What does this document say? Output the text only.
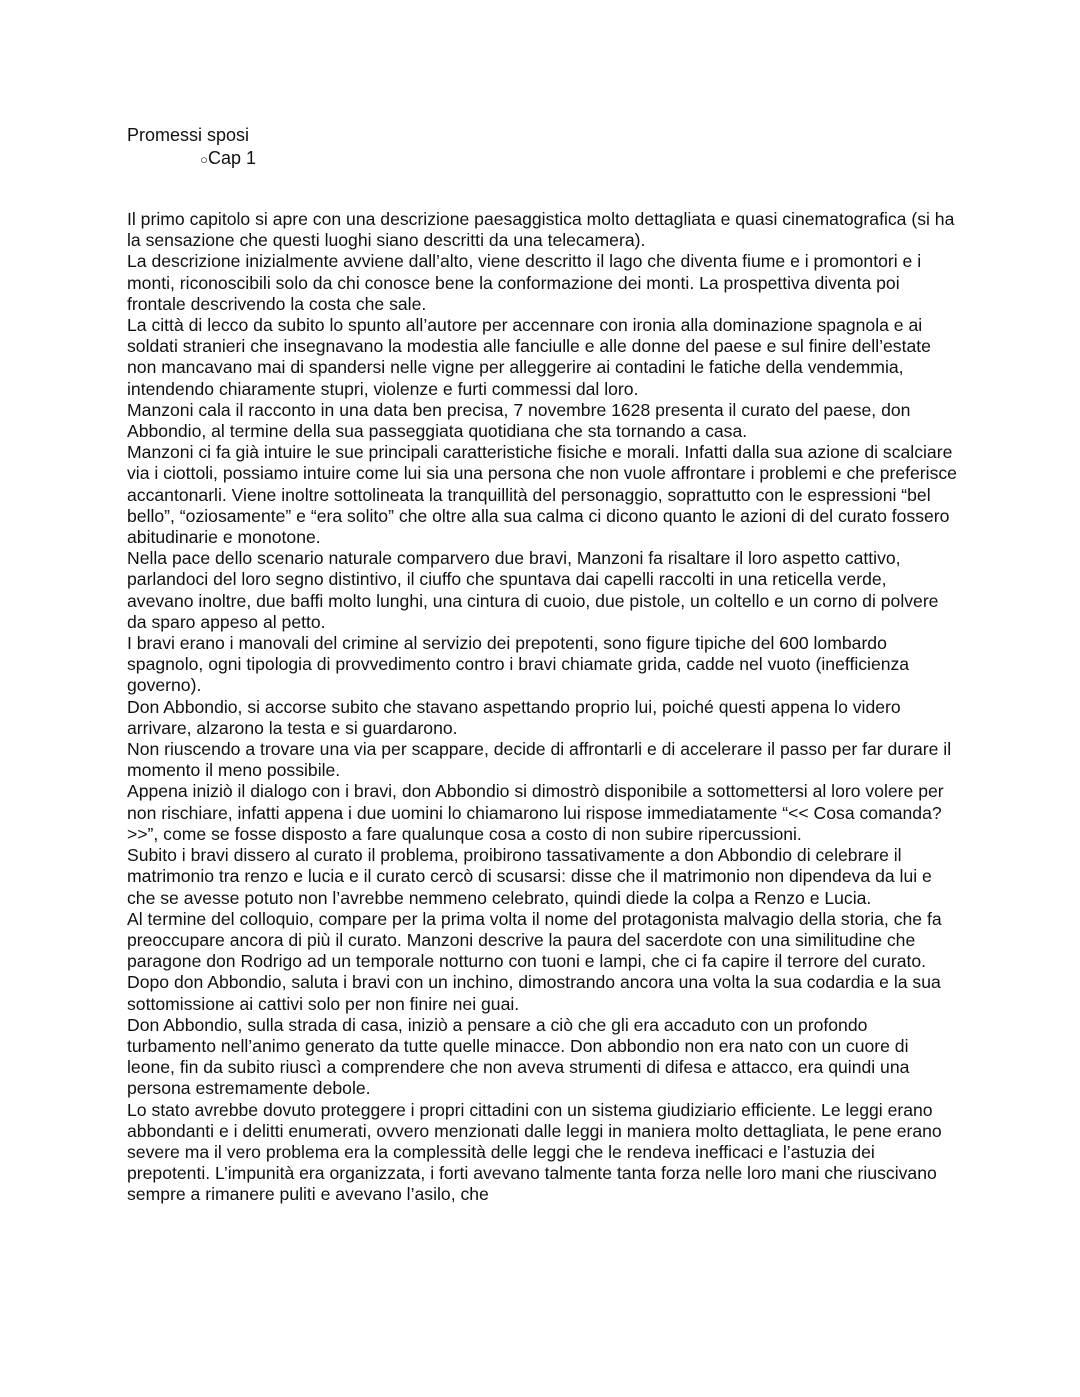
Promessi sposi
○ Cap 1

Il primo capitolo si apre con una descrizione paesaggistica molto dettagliata e quasi cinematografica (si ha la sensazione che questi luoghi siano descritti da una telecamera).

La descrizione inizialmente avviene dall’alto, viene descritto il lago che diventa fiume e i promontori e i monti, riconoscibili solo da chi conosce bene la conformazione dei monti. La prospettiva diventa poi frontale descrivendo la costa che sale.

La città di lecco da subito lo spunto all’autore per accennare con ironia alla dominazione spagnola e ai soldati stranieri che insegnavano la modestia alle fanciulle e alle donne del paese e sul finire dell’estate non mancavano mai di spandersi nelle vigne per alleggerire ai contadini le fatiche della vendemmia, intendendo chiaramente stupri, violenze e furti commessi dal loro.

Manzoni cala il racconto in una data ben precisa, 7 novembre 1628 presenta il curato del paese, don Abbondio, al termine della sua passeggiata quotidiana che sta tornando a casa.

Manzoni ci fa già intuire le sue principali caratteristiche fisiche e morali. Infatti dalla sua azione di scalciare via i ciottoli, possiamo intuire come lui sia una persona che non vuole affrontare i problemi e che preferisce accantonarli. Viene inoltre sottolineata la tranquillità del personaggio, soprattutto con le espressioni “bel bello”, “oziosamente” e “era solito” che oltre alla sua calma ci dicono quanto le azioni di del curato fossero abitudinarie e monotone.

Nella pace dello scenario naturale comparvero due bravi, Manzoni fa risaltare il loro aspetto cattivo, parlandoci del loro segno distintivo, il ciuffo che spuntava dai capelli raccolti in una reticella verde, avevano inoltre, due baffi molto lunghi, una cintura di cuoio, due pistole, un coltello e un corno di polvere da sparo appeso al petto.

I bravi erano i manovali del crimine al servizio dei prepotenti, sono figure tipiche del 600 lombardo spagnolo, ogni tipologia di provvedimento contro i bravi chiamate grida, cadde nel vuoto (inefficienza governo).

Don Abbondio, si accorse subito che stavano aspettando proprio lui, poiché questi appena lo videro arrivare, alzarono la testa e si guardarono.

Non riuscendo a trovare una via per scappare, decide di affrontarli e di accelerare il passo per far durare il momento il meno possibile.

Appena iniziò il dialogo con i bravi, don Abbondio si dimostrò disponibile a sottomettersi al loro volere per non rischiare, infatti appena i due uomini lo chiamarono lui rispose immediatamente “<< Cosa comanda?>>”, come se fosse disposto a fare qualunque cosa a costo di non subire ripercussioni.

Subito i bravi dissero al curato il problema, proibirono tassativamente a don Abbondio di celebrare il matrimonio tra renzo e lucia e il curato cercò di scusarsi: disse che il matrimonio non dipendeva da lui e che se avesse potuto non l’avrebbe nemmeno celebrato, quindi diede la colpa a Renzo e Lucia.

Al termine del colloquio, compare per la prima volta il nome del protagonista malvagio della storia, che fa preoccupare ancora di più il curato. Manzoni descrive la paura del sacerdote con una similitudine che paragone don Rodrigo ad un temporale notturno con tuoni e lampi, che ci fa capire il terrore del curato. Dopo don Abbondio, saluta i bravi con un inchino, dimostrando ancora una volta la sua codardia e la sua sottomissione ai cattivi solo per non finire nei guai.

Don Abbondio, sulla strada di casa, iniziò a pensare a ciò che gli era accaduto con un profondo turbamento nell’animo generato da tutte quelle minacce. Don abbondio non era nato con un cuore di leone, fin da subito riuscì a comprendere che non aveva strumenti di difesa e attacco, era quindi una persona estremamente debole.

Lo stato avrebbe dovuto proteggere i propri cittadini con un sistema giudiziario efficiente. Le leggi erano abbondanti e i delitti enumerati, ovvero menzionati dalle leggi in maniera molto dettagliata, le pene erano severe ma il vero problema era la complessità delle leggi che le rendeva inefficaci e l’astuzia dei prepotenti. L’impunità era organizzata, i forti avevano talmente tanta forza nelle loro mani che riuscivano sempre a rimanere puliti e avevano l’asilo, che
